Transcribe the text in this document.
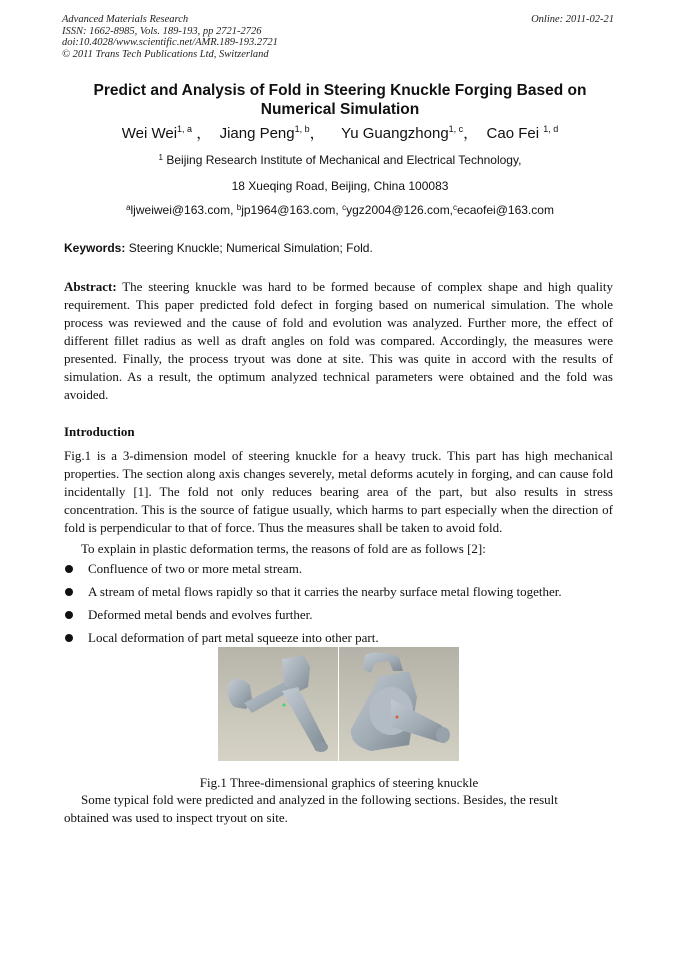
Advanced Materials Research
ISSN: 1662-8985, Vols. 189-193, pp 2721-2726
doi:10.4028/www.scientific.net/AMR.189-193.2721
© 2011 Trans Tech Publications Ltd, Switzerland
Online: 2011-02-21
Predict and Analysis of Fold in Steering Knuckle Forging Based on
Numerical Simulation
Wei Wei$^{1, a}$ ， Jiang Peng$^{1, b}$， Yu Guangzhong$^{1, c}$， Cao Fei $^{1, d}$
$^1$ Beijing Research Institute of Mechanical and Electrical Technology,
18 Xueqing Road, Beijing, China 100083
$^a$ljweiwei@163.com, $^b$jp1964@163.com, $^c$ygz2004@126.com,$^c$ecaofei@163.com
Keywords: Steering Knuckle; Numerical Simulation; Fold.
Abstract: The steering knuckle was hard to be formed because of complex shape and high quality requirement. This paper predicted fold defect in forging based on numerical simulation. The whole process was reviewed and the cause of fold and evolution was analyzed. Further more, the effect of different fillet radius as well as draft angles on fold was compared. Accordingly, the measures were presented. Finally, the process tryout was done at site. This was quite in accord with the results of simulation. As a result, the optimum analyzed technical parameters were obtained and the fold was avoided.
Introduction
Fig.1 is a 3-dimension model of steering knuckle for a heavy truck. This part has high mechanical properties. The section along axis changes severely, metal deforms acutely in forging, and can cause fold incidentally [1]. The fold not only reduces bearing area of the part, but also results in stress concentration. This is the source of fatigue usually, which harms to part especially when the direction of fold is perpendicular to that of force. Thus the measures shall be taken to avoid fold.
To explain in plastic deformation terms, the reasons of fold are as follows [2]:
Confluence of two or more metal stream.
A stream of metal flows rapidly so that it carries the nearby surface metal flowing together.
Deformed metal bends and evolves further.
Local deformation of part metal squeeze into other part.
Fig.1 Three-dimensional graphics of steering knuckle
Some typical fold were predicted and analyzed in the following sections. Besides, the result
obtained was used to inspect tryout on site.
